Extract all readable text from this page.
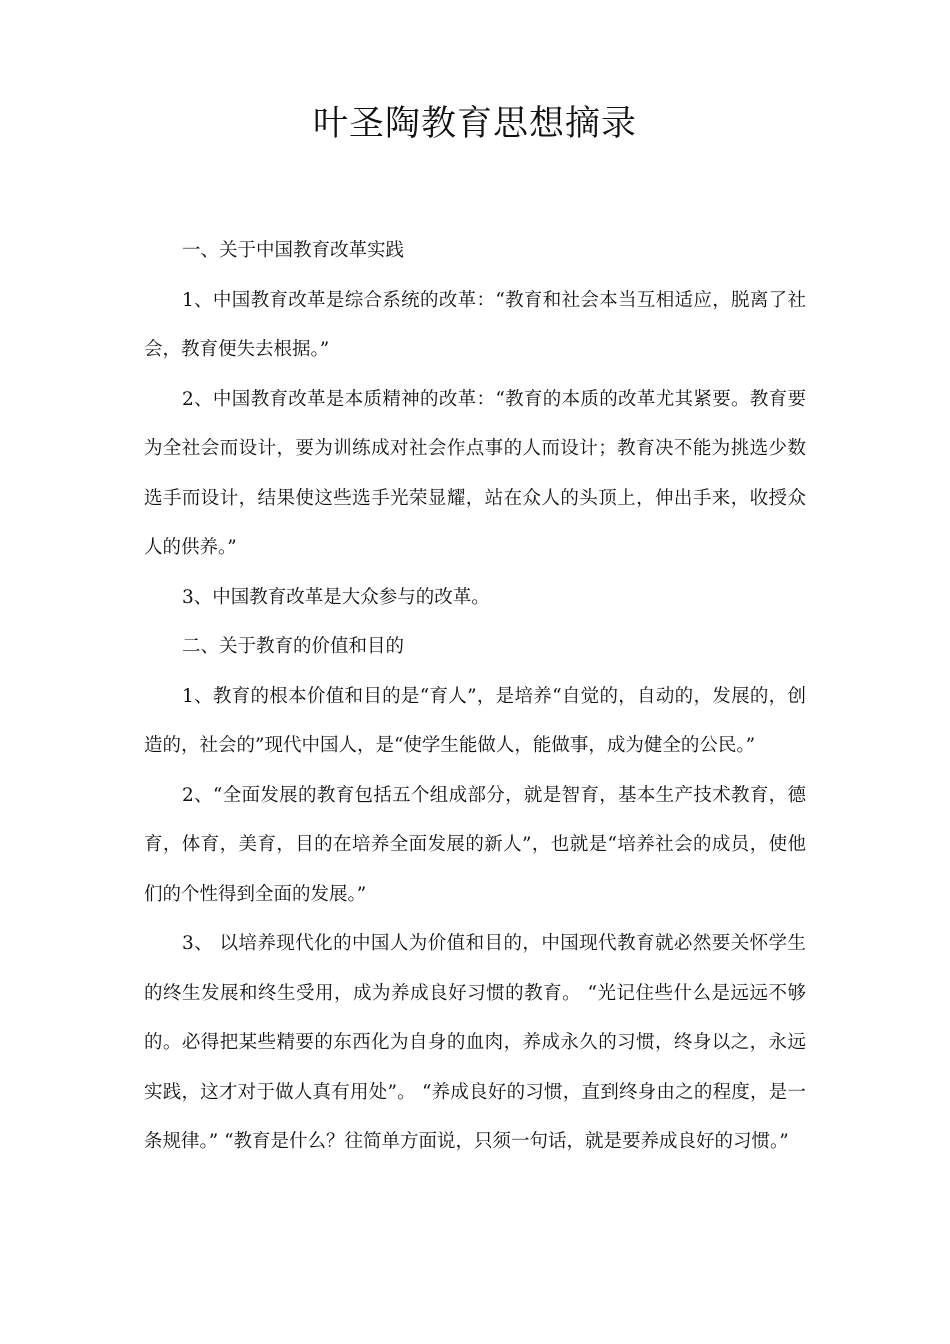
叶圣陶教育思想摘录

一、关于中国教育改革实践

1、中国教育改革是综合系统的改革：“教育和社会本当互相适应，脱离了社会，教育便失去根据。”

2、中国教育改革是本质精神的改革：“教育的本质的改革尤其紧要。教育要为全社会而设计，要为训练成对社会作点事的人而设计；教育决不能为挑选少数选手而设计，结果使这些选手光荣显耀，站在众人的头顶上，伸出手来，收授众人的供养。”

3、中国教育改革是大众参与的改革。

二、关于教育的价值和目的

1、教育的根本价值和目的是“育人”，是培养“自觉的，自动的，发展的，创造的，社会的”现代中国人，是“使学生能做人，能做事，成为健全的公民。”

2、“全面发展的教育包括五个组成部分，就是智育，基本生产技术教育，德育，体育，美育，目的在培养全面发展的新人”，也就是“培养社会的成员，使他们的个性得到全面的发展。”

3、 以培养现代化的中国人为价值和目的，中国现代教育就必然要关怀学生的终生发展和终生受用，成为养成良好习惯的教育。 “光记住些什么是远远不够的。必得把某些精要的东西化为自身的血肉，养成永久的习惯，终身以之，永远实践，这才对于做人真有用处”。 “养成良好的习惯，直到终身由之的程度，是一条规律。” “教育是什么？往简单方面说，只须一句话，就是要养成良好的习惯。”
